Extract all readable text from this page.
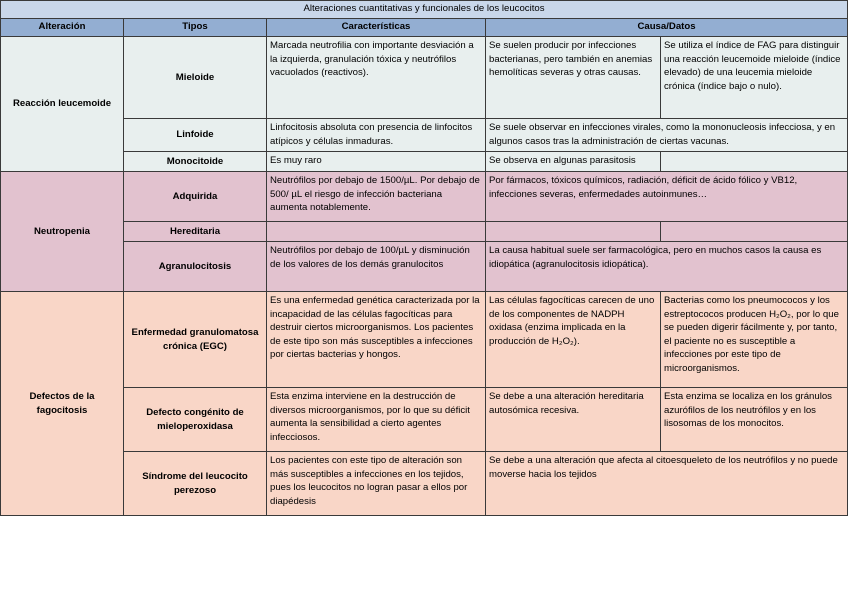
Alteraciones cuantitativas y funcionales de los leucocitos				
Alteración	Tipos	Características	Causa/Datos	
Reacción leucemoide	Mieloide	Marcada neutrofilia con importante desviación a la izquierda, granulación tóxica y neutrófilos vacuolados (reactivos).	Se suelen producir por infecciones bacterianas, pero también en anemias hemolíticas severas y otras causas.	Se utiliza el índice de FAG para distinguir una reacción leucemoide mieloide (índice elevado) de una leucemia mieloide crónica (índice bajo o nulo).
	Linfoide	Linfocitosis absoluta con presencia de linfocitos atípicos y células inmaduras.	Se suele observar en infecciones virales, como la mononucleosis infecciosa, y en algunos casos tras la administración de ciertas vacunas.	
	Monocitoide	Es muy raro	Se observa en algunas parasitosis	
Neutropenia	Adquirida	Neutrófilos por debajo de 1500/µL. Por debajo de 500/ µL el riesgo de infección bacteriana aumenta notablemente.	Por fármacos, tóxicos químicos, radiación, déficit de ácido fólico y VB12, infecciones severas, enfermedades autoinmunes…	
	Hereditaria			
	Agranulocitosis	Neutrófilos por debajo de 100/µL y disminución de los valores de los demás granulocitos	La causa habitual suele ser farmacológica, pero en muchos casos la causa es idiopática (agranulocitosis idiopática).	
Defectos de la fagocitosis	Enfermedad granulomatosa crónica (EGC)	Es una enfermedad genética caracterizada por la incapacidad de las células fagocíticas para destruir ciertos microorganismos. Los pacientes de este tipo son más susceptibles a infecciones por ciertas bacterias y hongos.	Las células fagocíticas carecen de uno de los componentes de NADPH oxidasa (enzima implicada en la producción de H₂O₂).	Bacterias como los pneumococos y los estreptococos producen H₂O₂, por lo que se pueden digerir fácilmente y, por tanto, el paciente no es susceptible a infecciones por este tipo de microorganismos.
	Defecto congénito de mieloperoxidasa	Esta enzima interviene en la destrucción de diversos microorganismos, por lo que su déficit aumenta la sensibilidad a cierto agentes infecciosos.	Se debe a una alteración hereditaria autosómica recesiva.	Esta enzima se localiza en los gránulos azurófilos de los neutrófilos y en los lisosomas de los monocitos.
	Síndrome del leucocito perezoso	Los pacientes con este tipo de alteración son más susceptibles a infecciones en los tejidos, pues los leucocitos no logran pasar a ellos por diapédesis	Se debe a una alteración que afecta al citoesqueleto de los neutrófilos y no puede moverse hacia los tejidos	
